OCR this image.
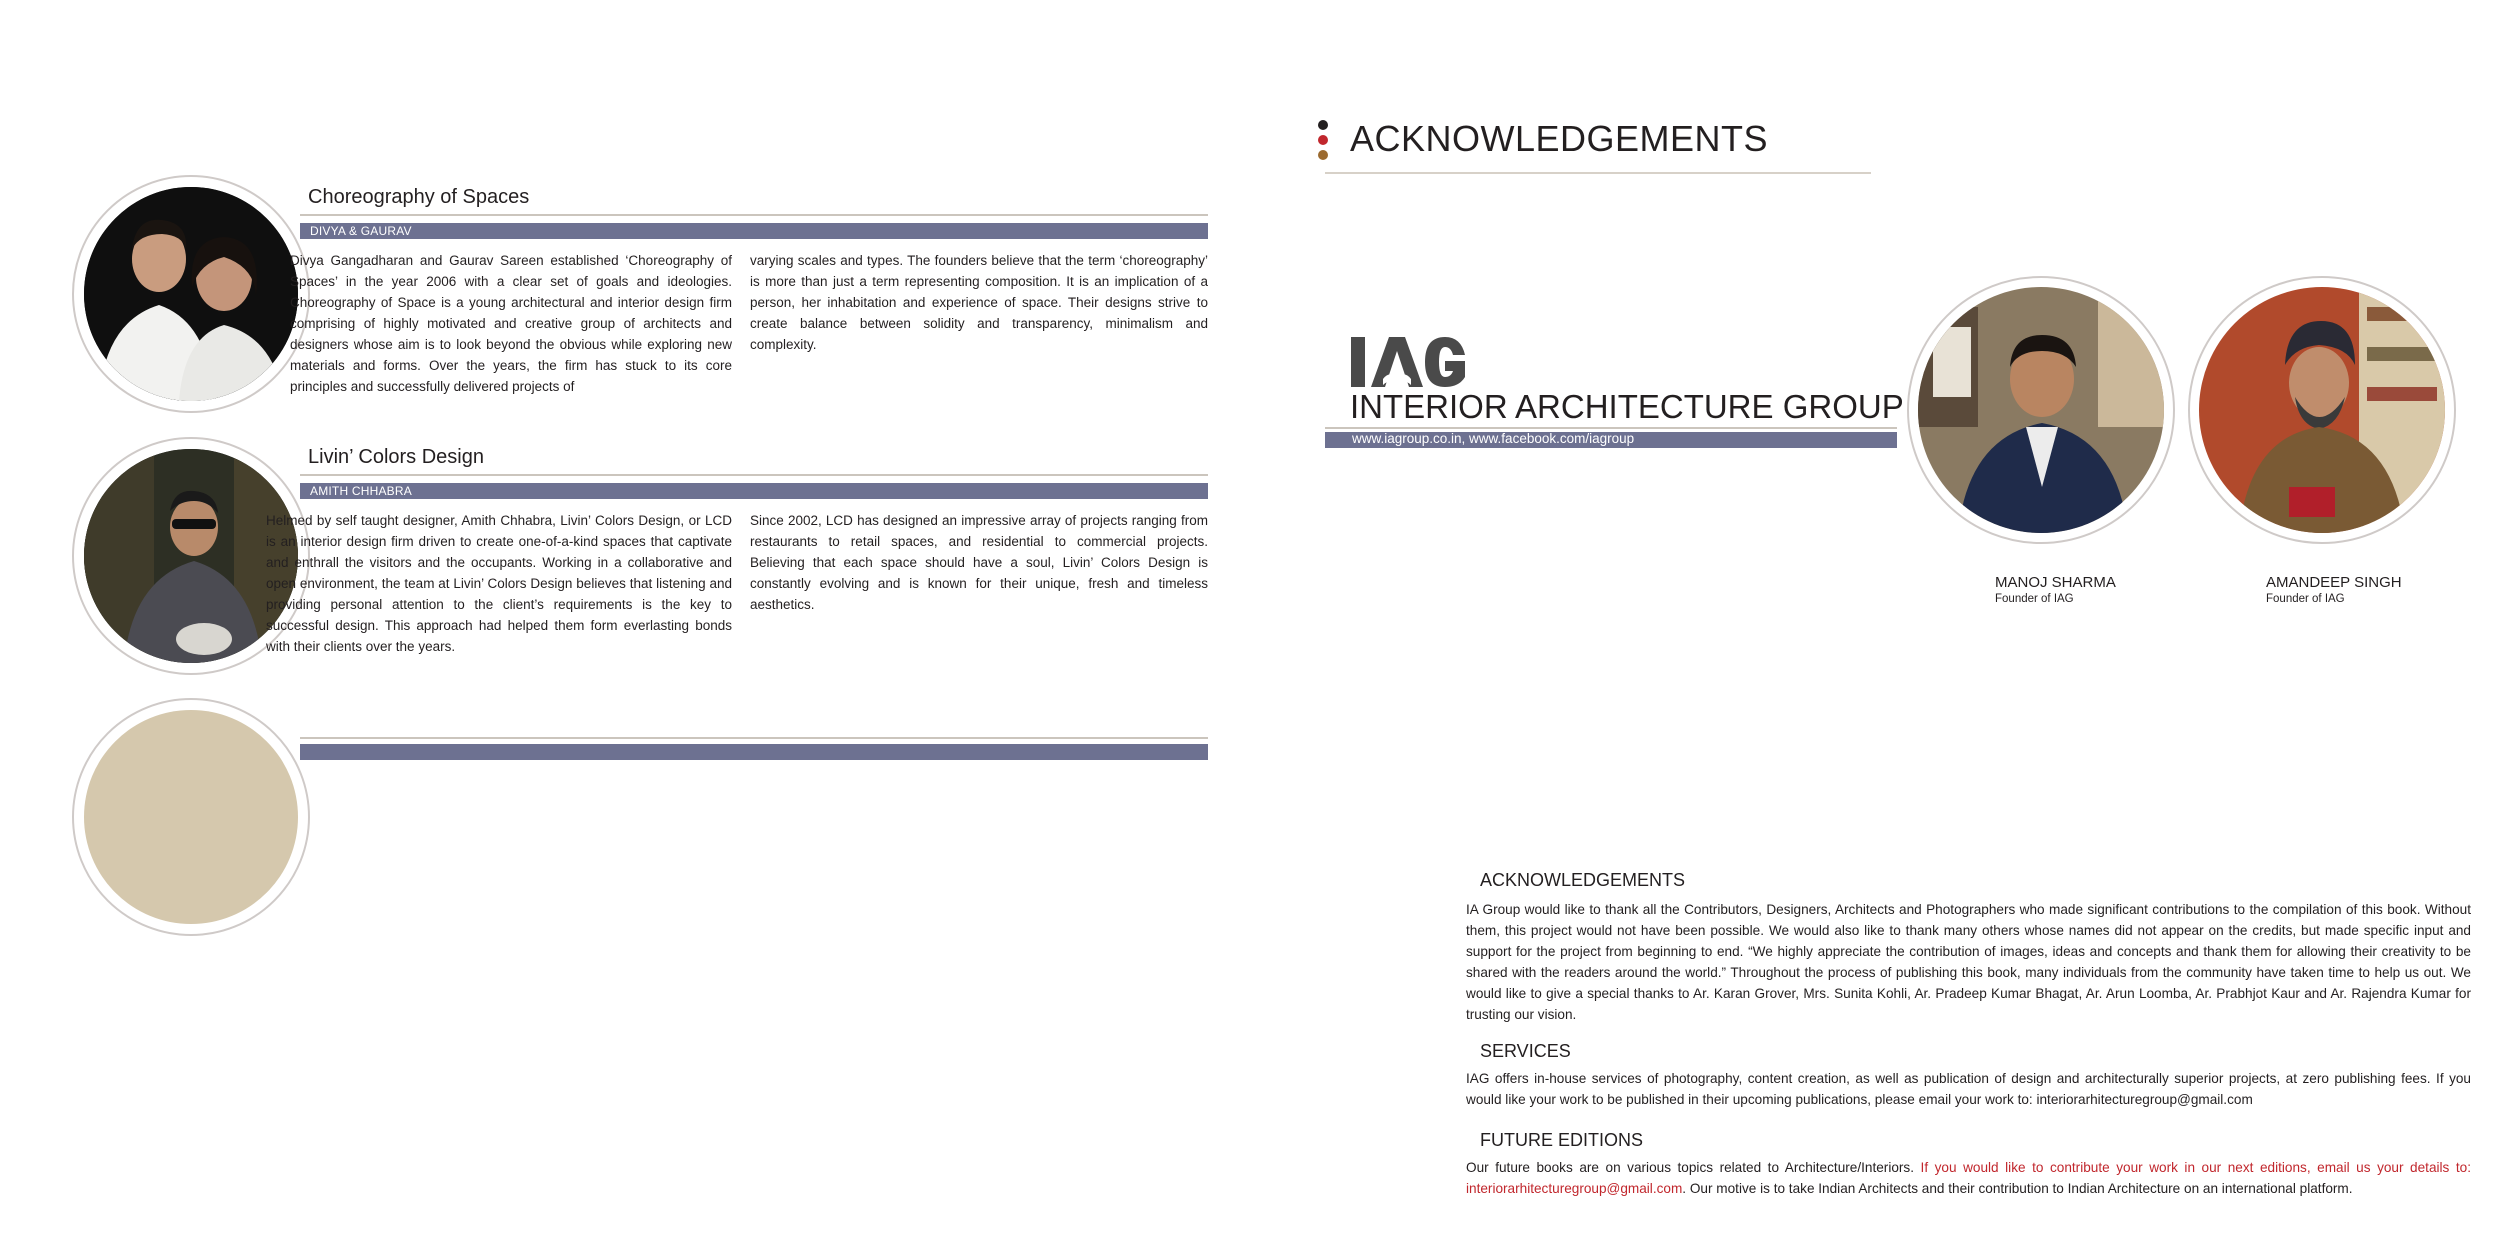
Choreography of Spaces
DIVYA & GAURAV
Divya Gangadharan and Gaurav Sareen established ‘Choreography of Spaces’ in the year 2006 with a clear set of goals and ideologies. Choreography of Space is a young architectural and interior design firm comprising of highly motivated and creative group of architects and designers whose aim is to look beyond the obvious while exploring new materials and forms. Over the years, the firm has stuck to its core principles and successfully delivered projects of
varying scales and types. The founders believe that the term ‘choreography’ is more than just a term representing composition. It is an implication of a person, her inhabitation and experience of space. Their designs strive to create balance between solidity and transparency, minimalism and complexity.
Livin’ Colors Design
AMITH CHHABRA
Helmed by self taught designer, Amith Chhabra, Livin’ Colors Design, or LCD is an interior design firm driven to create one-of-a-kind spaces that captivate and enthrall the visitors and the occupants. Working in a collaborative and open environment, the team at Livin’ Colors Design believes that listening and providing personal attention to the client’s requirements is the key to successful design. This approach had helped them form everlasting bonds with their clients over the years.
Since 2002, LCD has designed an impressive array of projects ranging from restaurants to retail spaces, and residential to commercial projects. Believing that each space should have a soul, Livin’ Colors Design is constantly evolving and is known for their unique, fresh and timeless aesthetics.
ACKNOWLEDGEMENTS
INTERIOR ARCHITECTURE GROUP
www.iagroup.co.in, www.facebook.com/iagroup
MANOJ SHARMA
Founder of IAG
AMANDEEP SINGH
Founder of IAG
ACKNOWLEDGEMENTS
IA Group would like to thank all the Contributors, Designers, Architects and Photographers who made significant contributions to the compilation of this book. Without them, this project would not have been possible. We would also like to thank many others whose names did not appear on the credits, but made specific input and support for the project from beginning to end. “We highly appreciate the contribution of images, ideas and concepts and thank them for allowing their creativity to be shared with the readers around the world.” Throughout the process of publishing this book, many individuals from the community have taken time to help us out. We would like to give a special thanks to Ar. Karan Grover, Mrs. Sunita Kohli, Ar. Pradeep Kumar Bhagat, Ar. Arun Loomba, Ar. Prabhjot Kaur and Ar. Rajendra Kumar for trusting our vision.
SERVICES
IAG offers in-house services of photography, content creation, as well as publication of design and architecturally superior projects, at zero publishing fees. If you would like your work to be published in their upcoming publications, please email your work to: interiorarhitecturegroup@gmail.com
FUTURE EDITIONS
Our future books are on various topics related to Architecture/Interiors. If you would like to contribute your work in our next editions, email us your details to: interiorarhitecturegroup@gmail.com. Our motive is to take Indian Architects and their contribution to Indian Architecture on an international platform.
